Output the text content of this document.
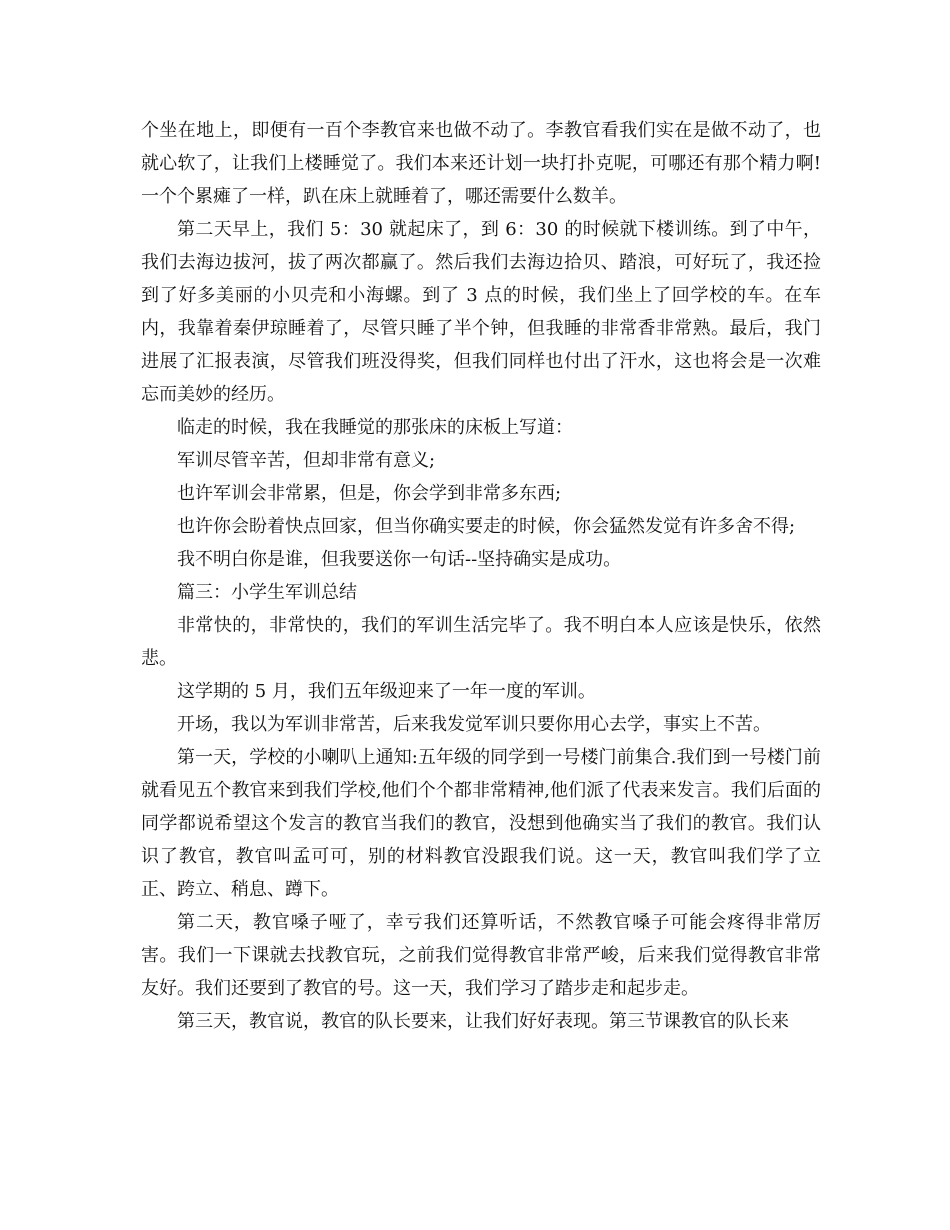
个坐在地上，即便有一百个李教官来也做不动了。李教官看我们实在是做不动了，也就心软了，让我们上楼睡觉了。我们本来还计划一块打扑克呢，可哪还有那个精力啊!一个个累瘫了一样，趴在床上就睡着了，哪还需要什么数羊。

第二天早上，我们 5：30 就起床了，到 6：30 的时候就下楼训练。到了中午，我们去海边拔河，拔了两次都赢了。然后我们去海边拾贝、踏浪，可好玩了，我还捡到了好多美丽的小贝壳和小海螺。到了 3 点的时候，我们坐上了回学校的车。在车内，我靠着秦伊琼睡着了，尽管只睡了半个钟，但我睡的非常香非常熟。最后，我门进展了汇报表演，尽管我们班没得奖，但我们同样也付出了汗水，这也将会是一次难忘而美妙的经历。

临走的时候，我在我睡觉的那张床的床板上写道：

军训尽管辛苦，但却非常有意义;

也许军训会非常累，但是，你会学到非常多东西;

也许你会盼着快点回家，但当你确实要走的时候，你会猛然发觉有许多舍不得;

我不明白你是谁，但我要送你一句话--坚持确实是成功。

篇三：小学生军训总结

非常快的，非常快的，我们的军训生活完毕了。我不明白本人应该是快乐，依然悲。

这学期的 5 月，我们五年级迎来了一年一度的军训。

开场，我以为军训非常苦，后来我发觉军训只要你用心去学，事实上不苦。

第一天，学校的小喇叭上通知:五年级的同学到一号楼门前集合.我们到一号楼门前就看见五个教官来到我们学校,他们个个都非常精神,他们派了代表来发言。我们后面的同学都说希望这个发言的教官当我们的教官，没想到他确实当了我们的教官。我们认识了教官，教官叫孟可可，别的材料教官没跟我们说。这一天，教官叫我们学了立正、跨立、稍息、蹲下。

第二天，教官嗓子哑了，幸亏我们还算听话，不然教官嗓子可能会疼得非常厉害。我们一下课就去找教官玩，之前我们觉得教官非常严峻，后来我们觉得教官非常友好。我们还要到了教官的号。这一天，我们学习了踏步走和起步走。

第三天，教官说，教官的队长要来，让我们好好表现。第三节课教官的队长来
